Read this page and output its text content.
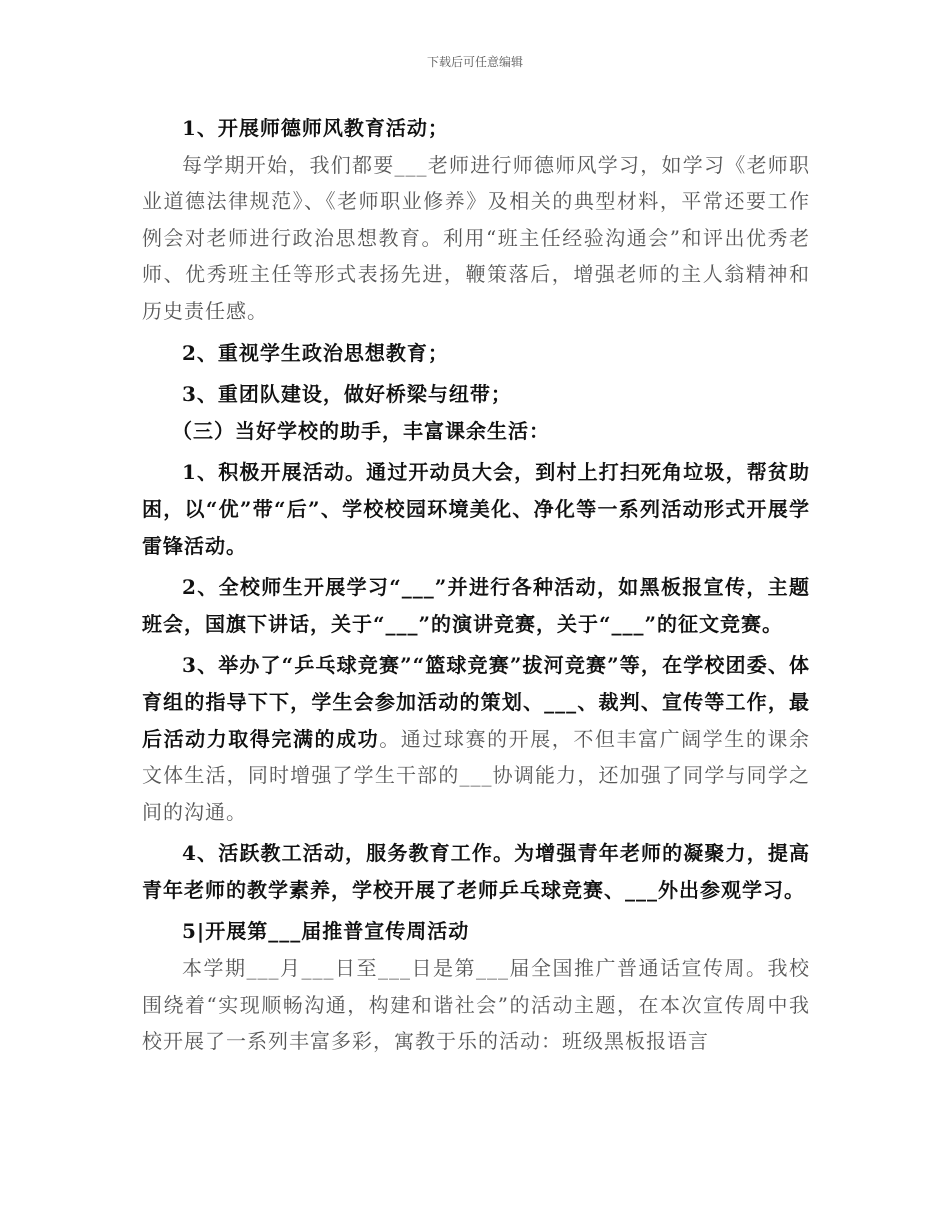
下载后可任意编辑

1、开展师德师风教育活动；

每学期开始，我们都要___老师进行师德师风学习，如学习《老师职业道德法律规范》、《老师职业修养》及相关的典型材料，平常还要工作例会对老师进行政治思想教育。利用“班主任经验沟通会”和评出优秀老师、优秀班主任等形式表扬先进，鞭策落后，增强老师的主人翁精神和历史责任感。

2、重视学生政治思想教育；

3、重团队建设，做好桥梁与纽带；

（三）当好学校的助手，丰富课余生活：

1、积极开展活动。通过开动员大会，到村上打扫死角垃圾，帮贫助困，以“优”带“后”、学校校园环境美化、净化等一系列活动形式开展学雷锋活动。

2、全校师生开展学习“___”并进行各种活动，如黑板报宣传，主题班会，国旗下讲话，关于“___”的演讲竞赛，关于“___”的征文竞赛。

3、举办了“乒乓球竞赛”“篮球竞赛”拔河竞赛”等，在学校团委、体育组的指导下下，学生会参加活动的策划、___、裁判、宣传等工作，最后活动力取得完满的成功。通过球赛的开展，不但丰富广阔学生的课余文体生活，同时增强了学生干部的___协调能力，还加强了同学与同学之间的沟通。

4、活跃教工活动，服务教育工作。为增强青年老师的凝聚力，提高青年老师的教学素养，学校开展了老师乒乓球竞赛、___外出参观学习。

5|开展第___届推普宣传周活动

本学期___月___日至___日是第___届全国推广普通话宣传周。我校围绕着“实现顺畅沟通，构建和谐社会”的活动主题，在本次宣传周中我校开展了一系列丰富多彩，寓教于乐的活动：班级黑板报语言
